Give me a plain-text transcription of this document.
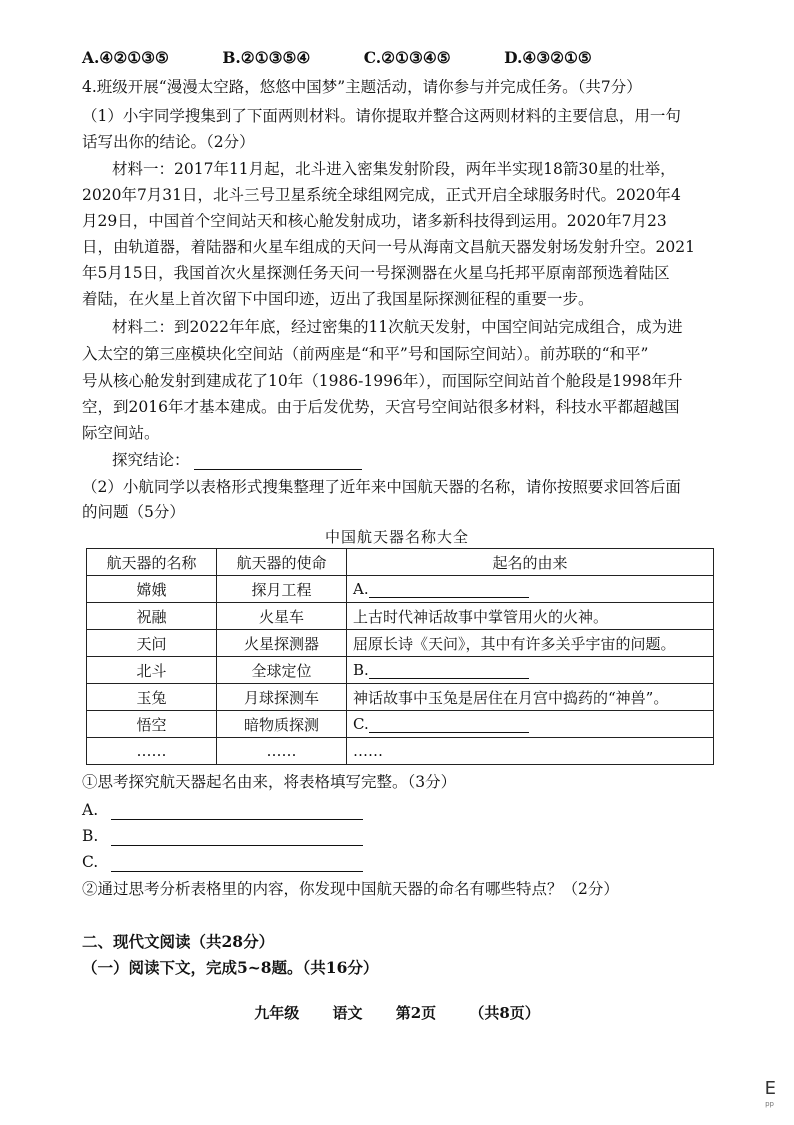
A.④②①③⑤	B.②①③⑤④	C.②①③④⑤	D.④③②①⑤
4.班级开展“漫漫太空路，悠悠中国梦”主题活动，请你参与并完成任务。（共7分）
（1）小宇同学搜集到了下面两则材料。请你提取并整合这两则材料的主要信息，用一句
话写出你的结论。（2分）
材料一：2017年11月起，北斗进入密集发射阶段，两年半实现18箭30星的壮举，
2020年7月31日，北斗三号卫星系统全球组网完成，正式开启全球服务时代。2020年4
月29日，中国首个空间站天和核心舱发射成功，诸多新科技得到运用。2020年7月23
日，由轨道器，着陆器和火星车组成的天问一号从海南文昌航天器发射场发射升空。2021
年5月15日，我国首次火星探测任务天问一号探测器在火星乌托邦平原南部预选着陆区
着陆，在火星上首次留下中国印迹，迈出了我国星际探测征程的重要一步。
材料二：到2022年年底，经过密集的11次航天发射，中国空间站完成组合，成为进
入太空的第三座模块化空间站（前两座是“和平”号和国际空间站）。前苏联的“和平”
号从核心舱发射到建成花了10年（1986-1996年），而国际空间站首个舱段是1998年升
空，到2016年才基本建成。由于后发优势，天宫号空间站很多材料，科技水平都超越国
际空间站。
探究结论：
（2）小航同学以表格形式搜集整理了近年来中国航天器的名称，请你按照要求回答后面
的问题（5分）
中国航天器名称大全
航天器的名称	航天器的使命	起名的由来
嫦娥	探月工程	A.
祝融	火星车	上古时代神话故事中掌管用火的火神。
天问	火星探测器	屈原长诗《天问》，其中有许多关乎宇宙的问题。
北斗	全球定位	B.
玉兔	月球探测车	神话故事中玉兔是居住在月宫中捣药的“神兽”。
悟空	暗物质探测	C.
……	……	……
①思考探究航天器起名由来，将表格填写完整。（3分）
A.
B.
C.
②通过思考分析表格里的内容，你发现中国航天器的命名有哪些特点？（2分）
二、现代文阅读（共28分）
（一）阅读下文，完成5~8题。（共16分）
九年级 语文 第2页 （共8页）
E
pp
